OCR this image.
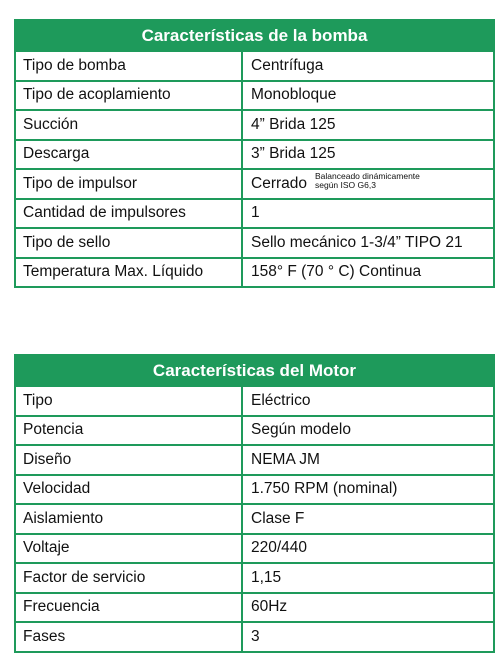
Características de la bomba
Tipo de bomba	Centrífuga
Tipo de acoplamiento	Monobloque
Succión	4” Brida 125
Descarga	3” Brida 125
Tipo de impulsor	Cerrado Balanceado dinámicamente
según ISO G6,3
Cantidad de impulsores	1
Tipo de sello	Sello mecánico 1-3/4” TIPO 21
Temperatura Max. Líquido	158° F (70 ° C) Continua
Características del Motor
Tipo	Eléctrico
Potencia	Según modelo
Diseño	NEMA JM
Velocidad	1.750 RPM (nominal)
Aislamiento	Clase F
Voltaje	220/440
Factor de servicio	1,15
Frecuencia	60Hz
Fases	3
